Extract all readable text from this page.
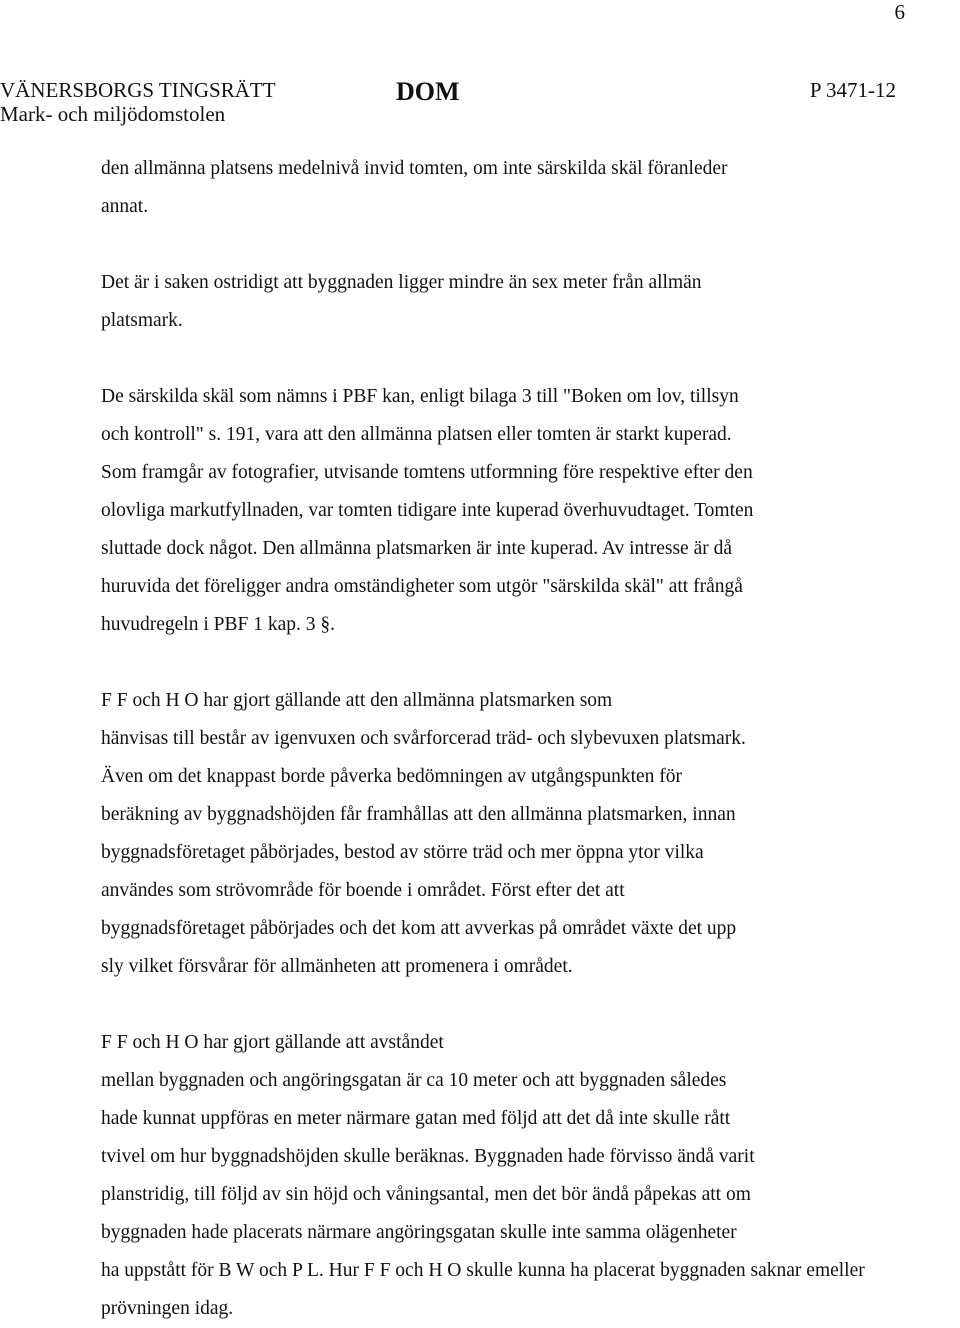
6
VÄNERSBORGS TINGSRÄTT
Mark- och miljödomstolen
DOM	P 3471-12
den allmänna platsens medelnivå invid tomten, om inte särskilda skäl föranleder
annat.
Det är i saken ostridigt att byggnaden ligger mindre än sex meter från allmän
platsmark.
De särskilda skäl som nämns i PBF kan, enligt bilaga 3 till "Boken om lov, tillsyn
och kontroll" s. 191, vara att den allmänna platsen eller tomten är starkt kuperad.
Som framgår av fotografier, utvisande tomtens utformning före respektive efter den
olovliga markutfyllnaden, var tomten tidigare inte kuperad överhuvudtaget. Tomten
sluttade dock något. Den allmänna platsmarken är inte kuperad. Av intresse är då
huruvida det föreligger andra omständigheter som utgör "särskilda skäl" att frångå
huvudregeln i PBF 1 kap. 3 §.
F F och H O har gjort gällande att den allmänna platsmarken som
hänvisas till består av igenvuxen och svårforcerad träd- och slybevuxen platsmark.
Även om det knappast borde påverka bedömningen av utgångspunkten för
beräkning av byggnadshöjden får framhållas att den allmänna platsmarken, innan
byggnadsföretaget påbörjades, bestod av större träd och mer öppna ytor vilka
användes som strövområde för boende i området. Först efter det att
byggnadsföretaget påbörjades och det kom att avverkas på området växte det upp
sly vilket försvårar för allmänheten att promenera i området.
F F och H O har gjort gällande att avståndet
mellan byggnaden och angöringsgatan är ca 10 meter och att byggnaden således
hade kunnat uppföras en meter närmare gatan med följd att det då inte skulle rått
tvivel om hur byggnadshöjden skulle beräknas. Byggnaden hade förvisso ändå varit
planstridig, till följd av sin höjd och våningsantal, men det bör ändå påpekas att om
byggnaden hade placerats närmare angöringsgatan skulle inte samma olägenheter
ha uppstått för B W och P L. Hur F F och H O skulle kunna ha placerat byggnaden saknar emeller
prövningen idag.
